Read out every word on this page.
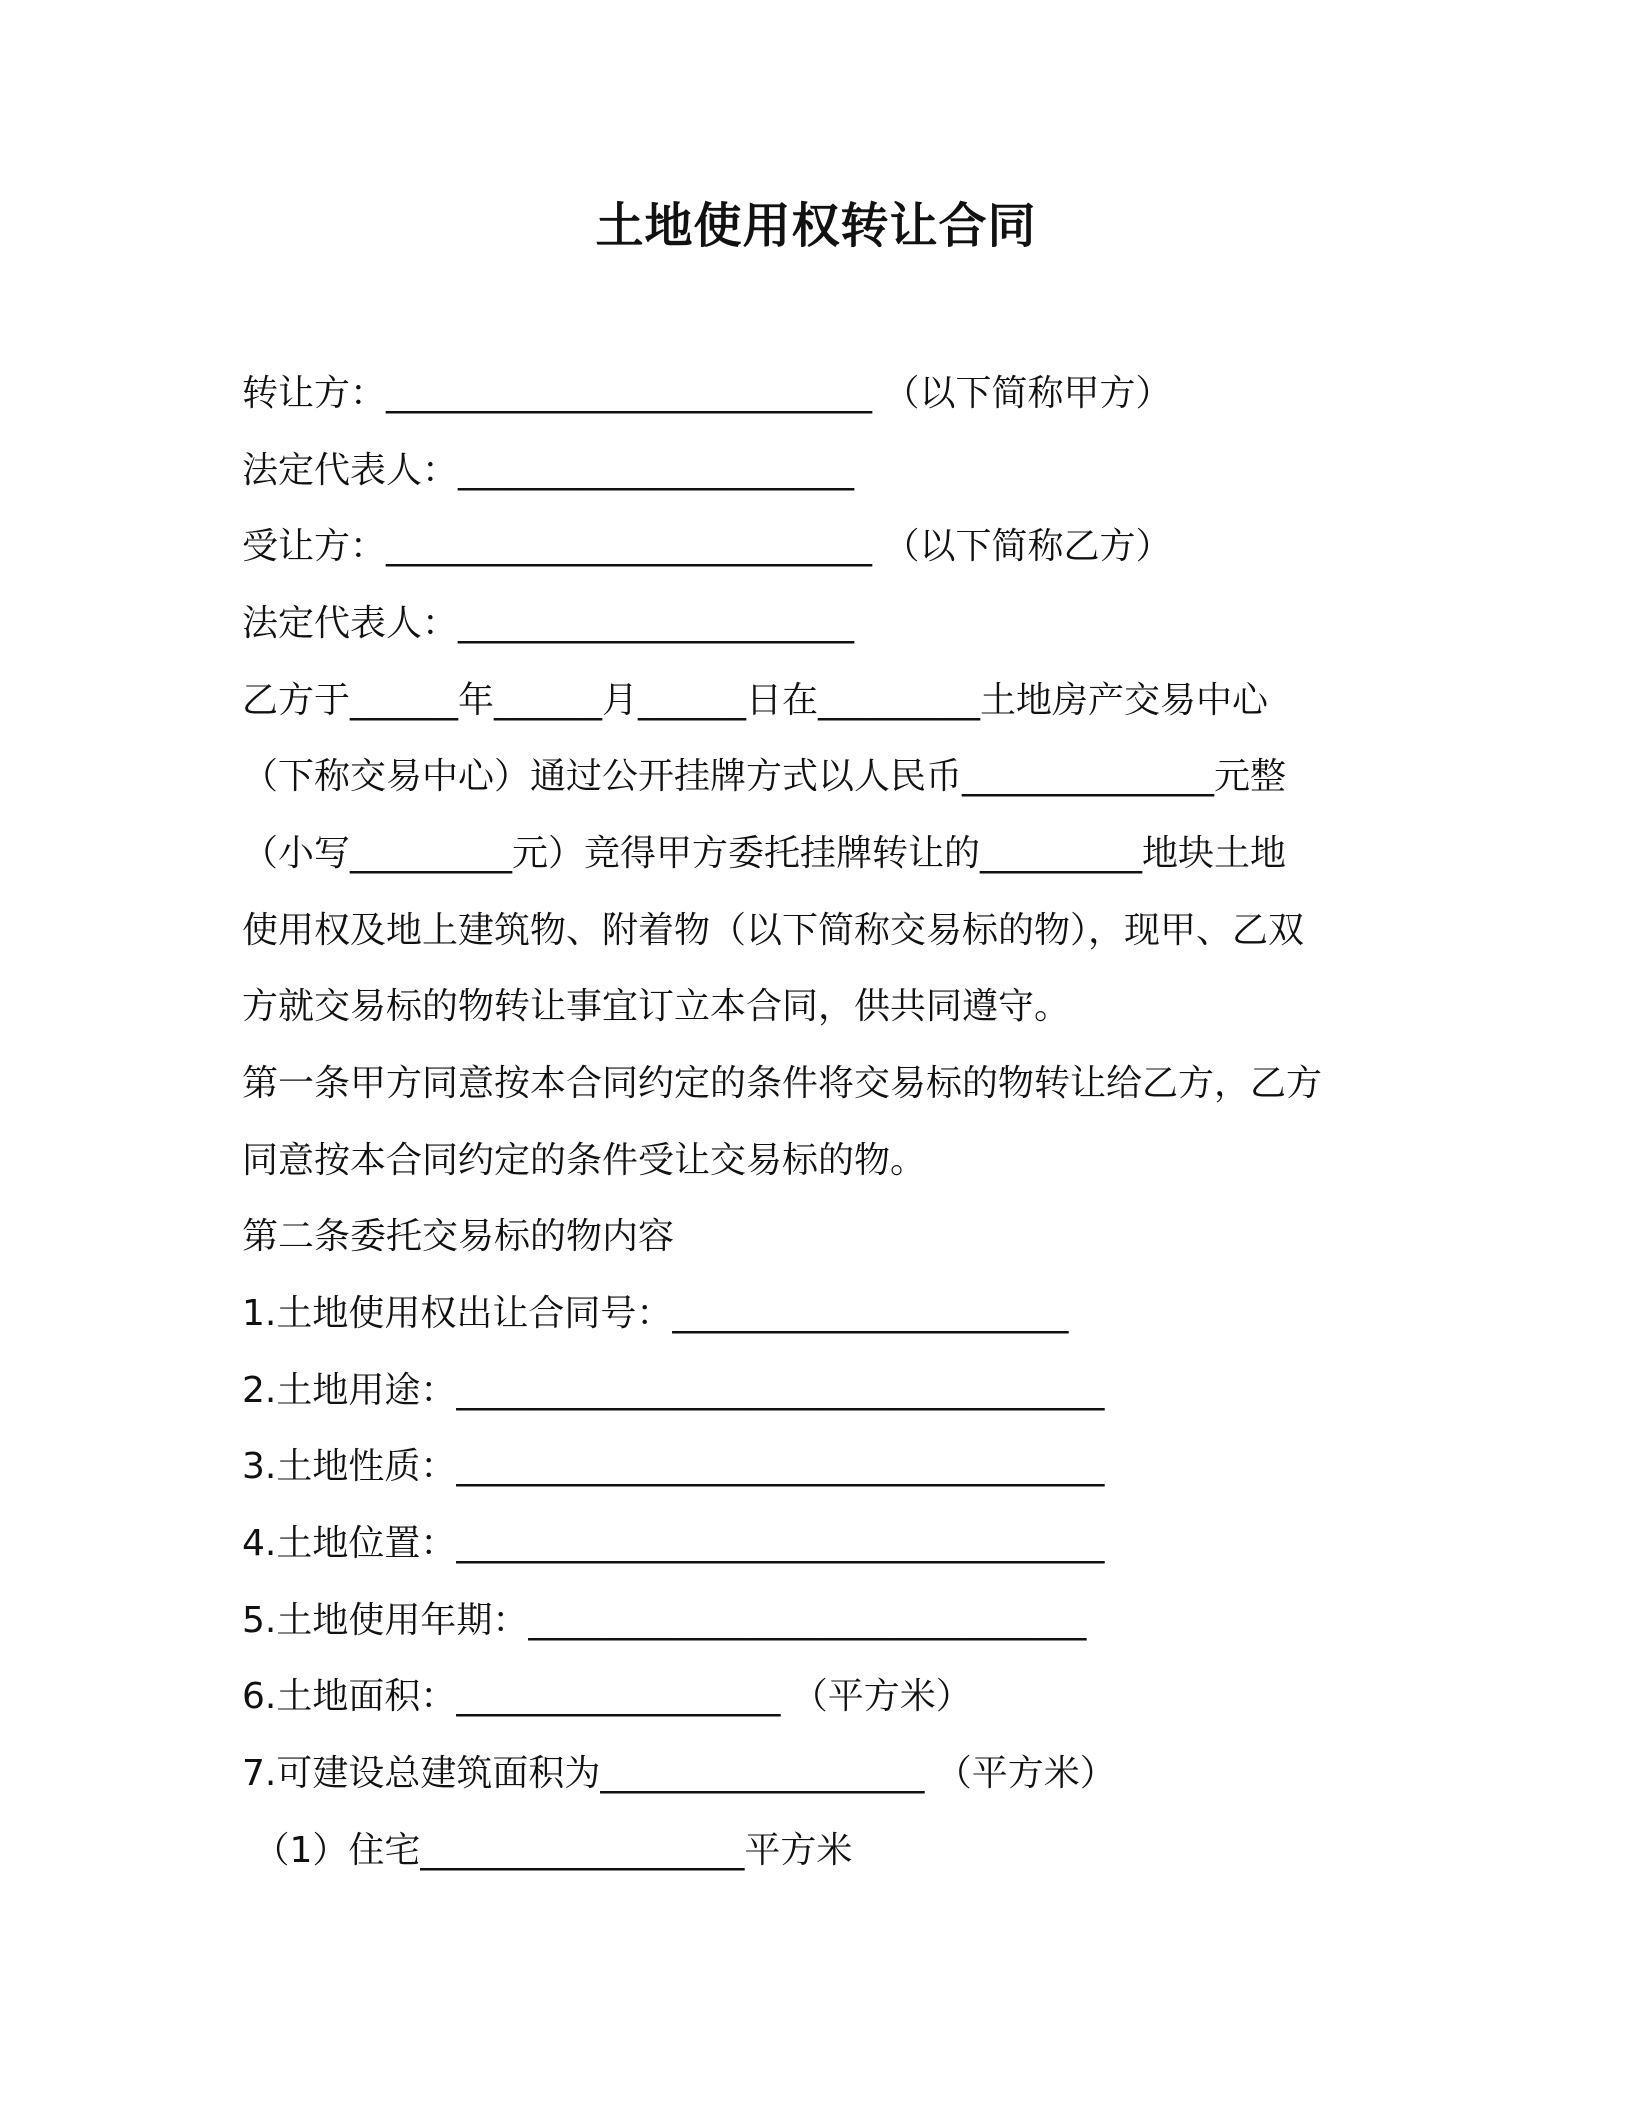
土地使用权转让合同
转让方：___________________________ （以下简称甲方）
法定代表人：______________________
受让方：___________________________ （以下简称乙方）
法定代表人：______________________
乙方于______年______月______日在_________土地房产交易中心
（下称交易中心）通过公开挂牌方式以人民币______________元整
（小写_________元）竞得甲方委托挂牌转让的_________地块土地
使用权及地上建筑物、附着物（以下简称交易标的物），现甲、乙双
方就交易标的物转让事宜订立本合同，供共同遵守。
第一条甲方同意按本合同约定的条件将交易标的物转让给乙方，乙方
同意按本合同约定的条件受让交易标的物。
第二条委托交易标的物内容
1.土地使用权出让合同号：______________________
2.土地用途：____________________________________
3.土地性质：____________________________________
4.土地位置：____________________________________
5.土地使用年期：_______________________________
6.土地面积：__________________ （平方米）
7.可建设总建筑面积为__________________ （平方米）
（1）住宅__________________平方米
